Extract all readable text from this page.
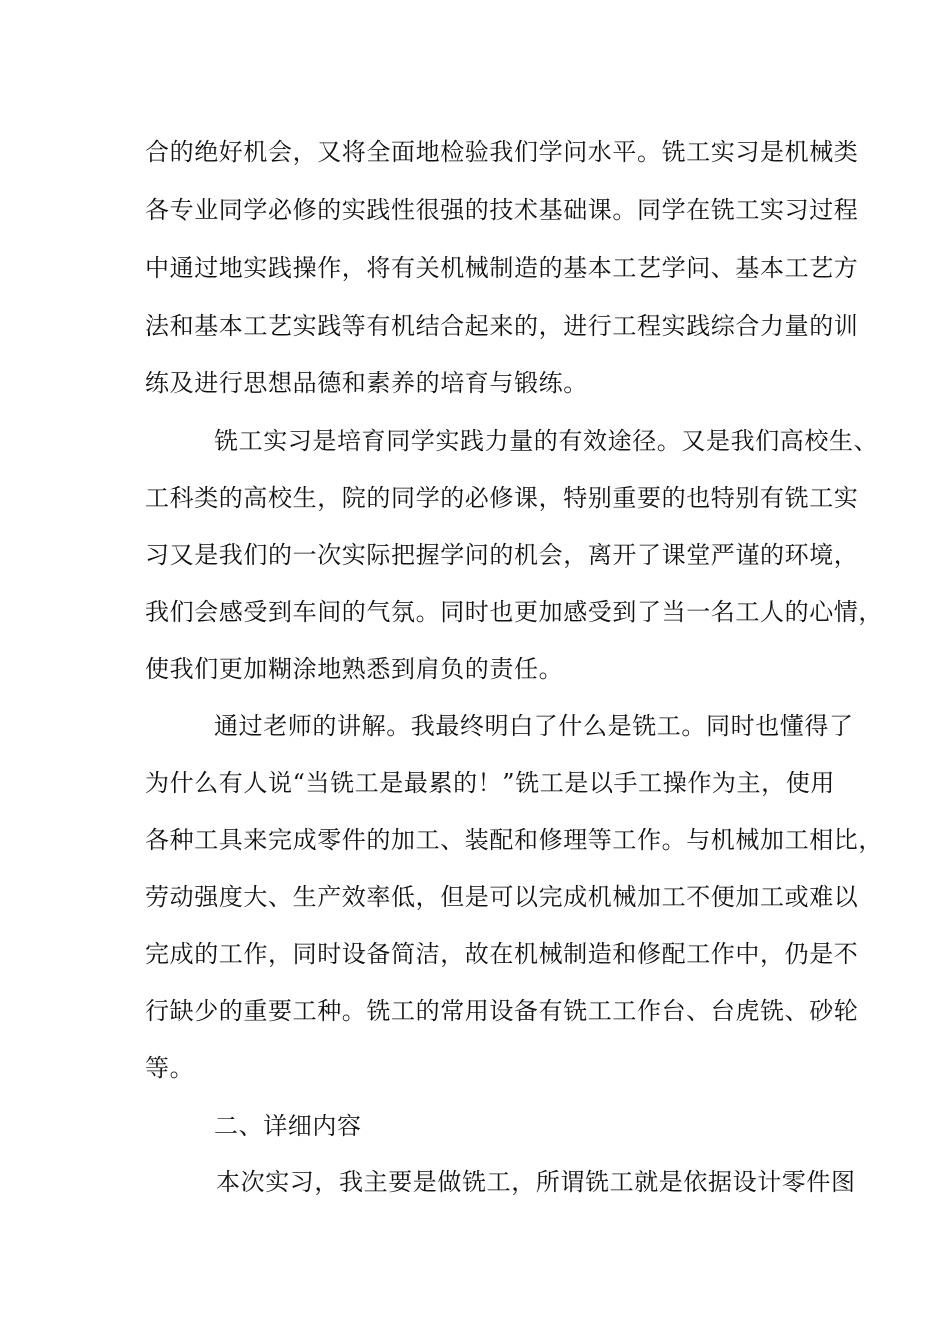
合的绝好机会，又将全面地检验我们学问水平。铣工实习是机械类

各专业同学必修的实践性很强的技术基础课。同学在铣工实习过程

中通过地实践操作，将有关机械制造的基本工艺学问、基本工艺方

法和基本工艺实践等有机结合起来的，进行工程实践综合力量的训

练及进行思想品德和素养的培育与锻练。

铣工实习是培育同学实践力量的有效途径。又是我们高校生、

工科类的高校生，院的同学的必修课，特别重要的也特别有铣工实

习又是我们的一次实际把握学问的机会，离开了课堂严谨的环境，

我们会感受到车间的气氛。同时也更加感受到了当一名工人的心情，

使我们更加糊涂地熟悉到肩负的责任。

通过老师的讲解。我最终明白了什么是铣工。同时也懂得了

为什么有人说“当铣工是最累的！”铣工是以手工操作为主，使用

各种工具来完成零件的加工、装配和修理等工作。与机械加工相比，

劳动强度大、生产效率低，但是可以完成机械加工不便加工或难以

完成的工作，同时设备简洁，故在机械制造和修配工作中，仍是不

行缺少的重要工种。铣工的常用设备有铣工工作台、台虎铣、砂轮

等。

二、详细内容

本次实习，我主要是做铣工，所谓铣工就是依据设计零件图
